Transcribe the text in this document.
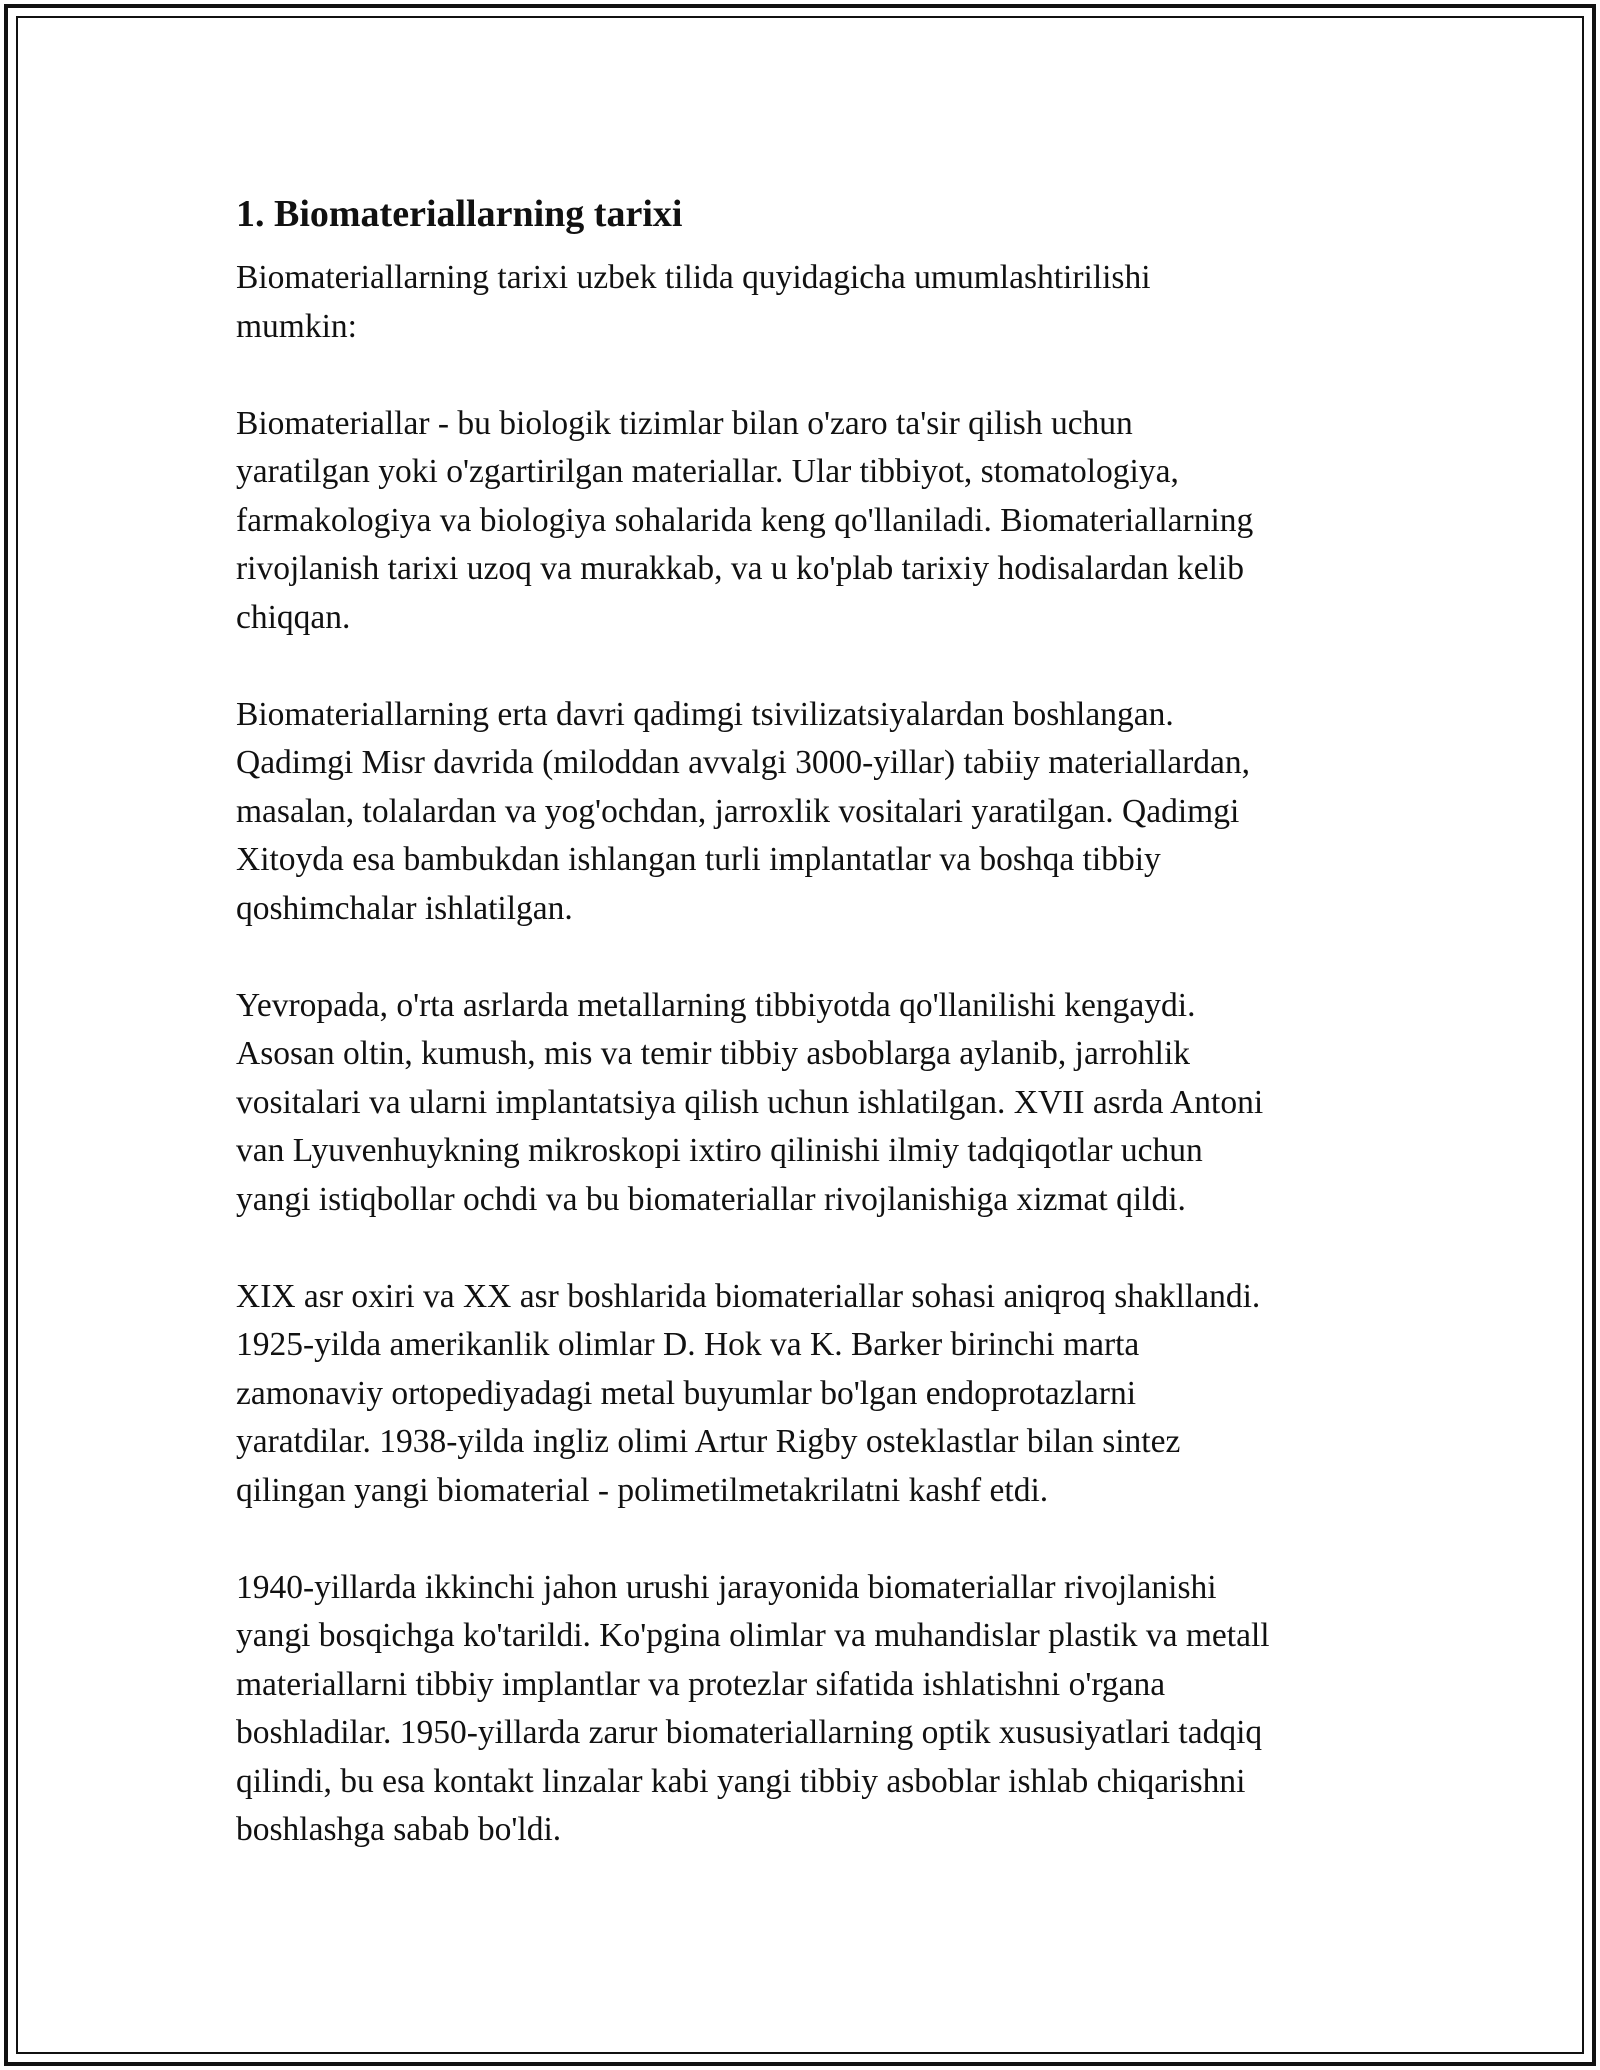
1. Biomateriallarning tarixi
Biomateriallarning tarixi uzbek tilida quyidagicha umumlashtirilishi
mumkin:
Biomateriallar - bu biologik tizimlar bilan o'zaro ta'sir qilish uchun
yaratilgan yoki o'zgartirilgan materiallar. Ular tibbiyot, stomatologiya,
farmakologiya va biologiya sohalarida keng qo'llaniladi. Biomateriallarning
rivojlanish tarixi uzoq va murakkab, va u ko'plab tarixiy hodisalardan kelib
chiqqan.
Biomateriallarning erta davri qadimgi tsivilizatsiyalardan boshlangan.
Qadimgi Misr davrida (miloddan avvalgi 3000-yillar) tabiiy materiallardan,
masalan, tolalardan va yog'ochdan, jarroxlik vositalari yaratilgan. Qadimgi
Xitoyda esa bambukdan ishlangan turli implantatlar va boshqa tibbiy
qoshimchalar ishlatilgan.
Yevropada, o'rta asrlarda metallarning tibbiyotda qo'llanilishi kengaydi.
Asosan oltin, kumush, mis va temir tibbiy asboblarga aylanib, jarrohlik
vositalari va ularni implantatsiya qilish uchun ishlatilgan. XVII asrda Antoni
van Lyuvenhuykning mikroskopi ixtiro qilinishi ilmiy tadqiqotlar uchun
yangi istiqbollar ochdi va bu biomateriallar rivojlanishiga xizmat qildi.
XIX asr oxiri va XX asr boshlarida biomateriallar sohasi aniqroq shakllandi.
1925-yilda amerikanlik olimlar D. Hok va K. Barker birinchi marta
zamonaviy ortopediyadagi metal buyumlar bo'lgan endoprotazlarni
yaratdilar. 1938-yilda ingliz olimi Artur Rigby osteklastlar bilan sintez
qilingan yangi biomaterial - polimetilmetakrilatni kashf etdi.
1940-yillarda ikkinchi jahon urushi jarayonida biomateriallar rivojlanishi
yangi bosqichga ko'tarildi. Ko'pgina olimlar va muhandislar plastik va metall
materiallarni tibbiy implantlar va protezlar sifatida ishlatishni o'rgana
boshladilar. 1950-yillarda zarur biomateriallarning optik xususiyatlari tadqiq
qilindi, bu esa kontakt linzalar kabi yangi tibbiy asboblar ishlab chiqarishni
boshlashga sabab bo'ldi.
